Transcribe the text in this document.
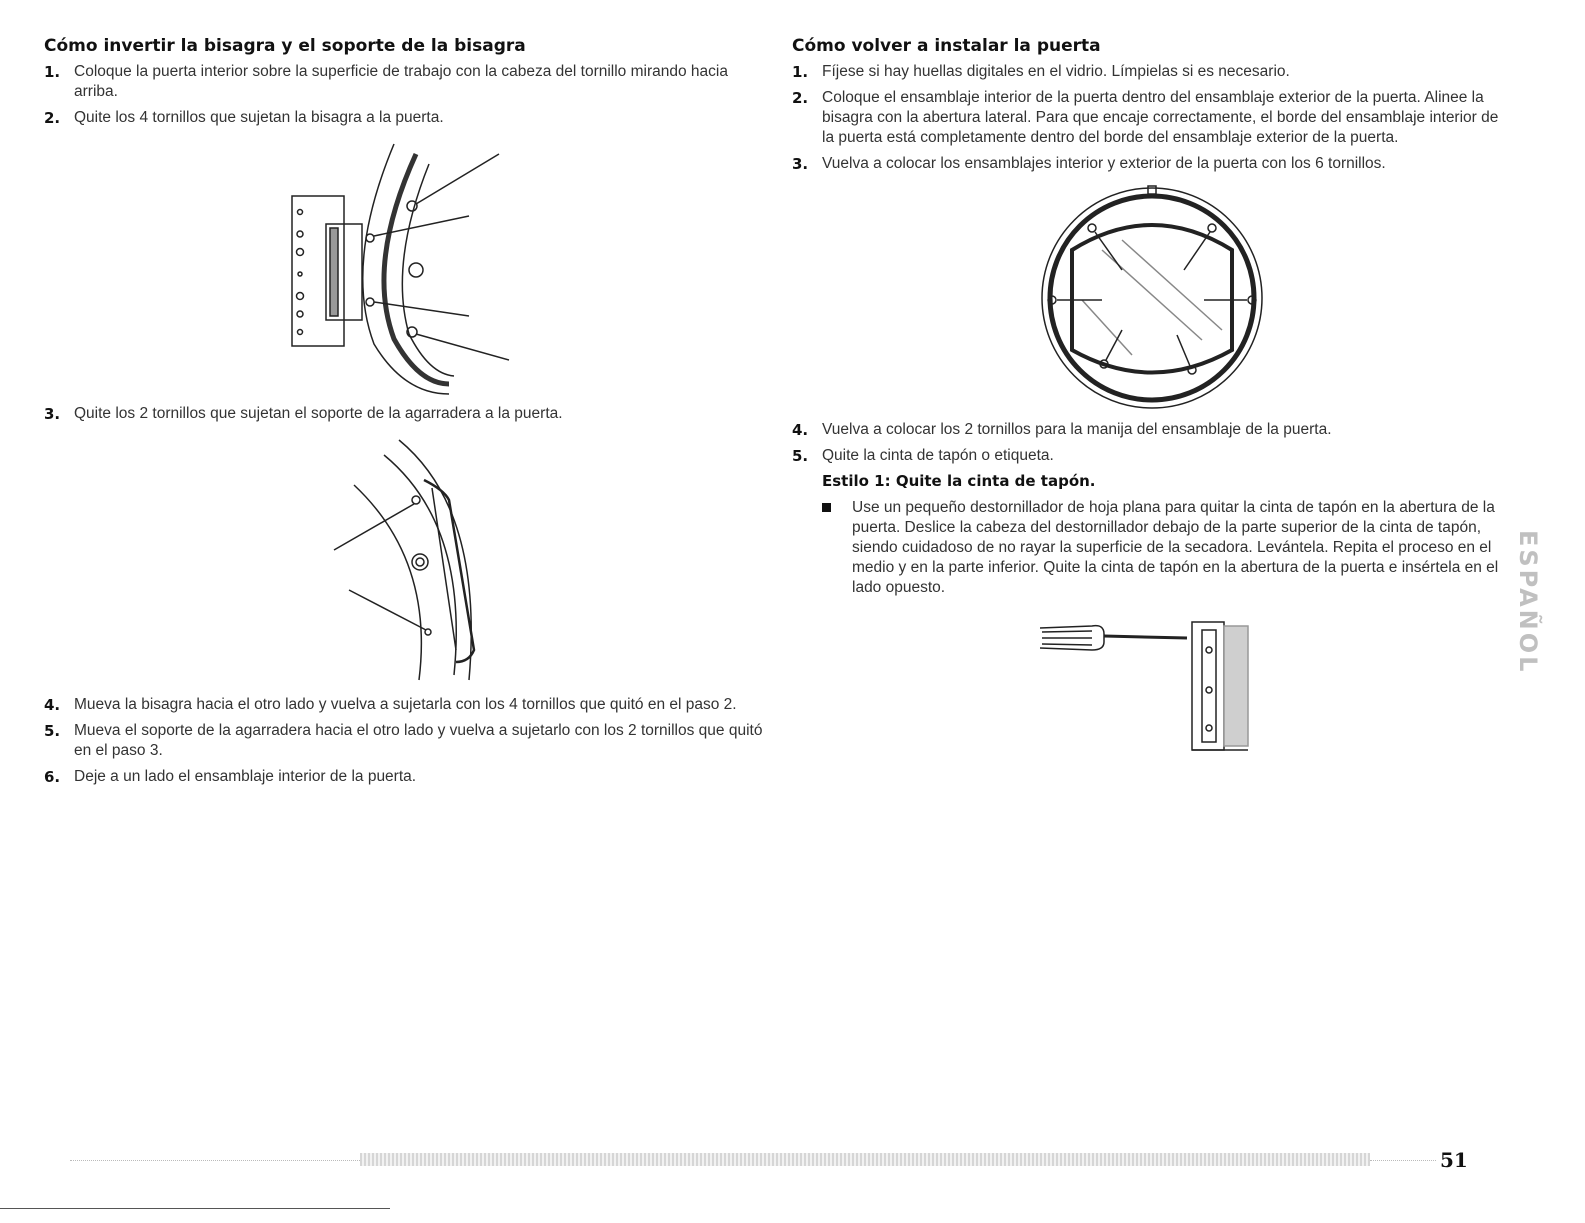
Cómo invertir la bisagra y el soporte de la bisagra
1. Coloque la puerta interior sobre la superficie de trabajo con la cabeza del tornillo mirando hacia arriba.
2. Quite los 4 tornillos que sujetan la bisagra a la puerta.
3. Quite los 2 tornillos que sujetan el soporte de la agarradera a la puerta.
4. Mueva la bisagra hacia el otro lado y vuelva a sujetarla con los 4 tornillos que quitó en el paso 2.
5. Mueva el soporte de la agarradera hacia el otro lado y vuelva a sujetarlo con los 2 tornillos que quitó en el paso 3.
6. Deje a un lado el ensamblaje interior de la puerta.
Cómo volver a instalar la puerta
1. Fíjese si hay huellas digitales en el vidrio. Límpielas si es necesario.
2. Coloque el ensamblaje interior de la puerta dentro del ensamblaje exterior de la puerta. Alinee la bisagra con la abertura lateral. Para que encaje correctamente, el borde del ensamblaje interior de la puerta está completamente dentro del borde del ensamblaje exterior de la puerta.
3. Vuelva a colocar los ensamblajes interior y exterior de la puerta con los 6 tornillos.
4. Vuelva a colocar los 2 tornillos para la manija del ensamblaje de la puerta.
5. Quite la cinta de tapón o etiqueta.
Estilo 1: Quite la cinta de tapón.
Use un pequeño destornillador de hoja plana para quitar la cinta de tapón en la abertura de la puerta. Deslice la cabeza del destornillador debajo de la parte superior de la cinta de tapón, siendo cuidadoso de no rayar la superficie de la secadora. Levántela. Repita el proceso en el medio y en la parte inferior. Quite la cinta de tapón en la abertura de la puerta e insértela en el lado opuesto.	ESPAÑOL
51
